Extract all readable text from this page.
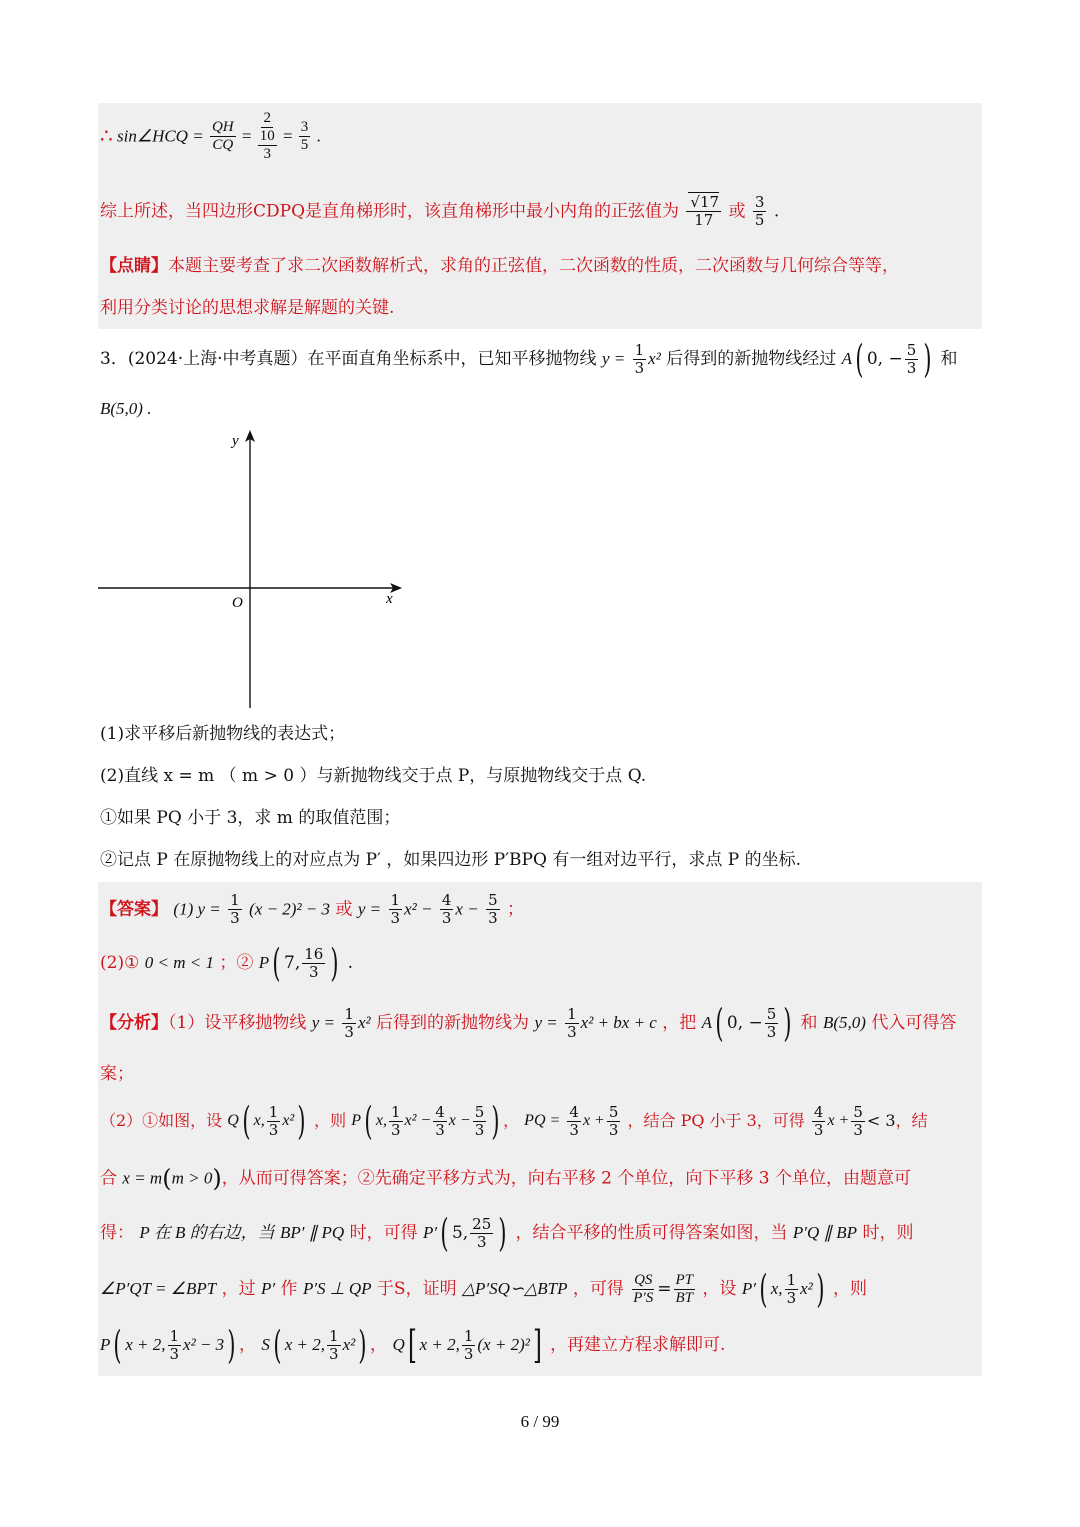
∴ sin∠HCQ = $\frac{QH}{CQ}$ =
2
10
3
= $\frac{3}{5}$ .
综上所述，当四边形CDPQ是直角梯形时，该直角梯形中最小内角的正弦值为 $\frac{√17}{17}$ 或 $\frac{3}{5}$ .
【点睛】本题主要考查了求二次函数解析式，求角的正弦值，二次函数的性质，二次函数与几何综合等等，
利用分类讨论的思想求解是解题的关键.
3．(2024·上海·中考真题）在平面直角坐标系中，已知平移抛物线 $y = \frac{1}{3} x^2$ 后得到的新抛物线经过 A( 0, − $\frac{5}{3}$ ) 和
B(5,0) .
y
x
O
(1)求平移后新抛物线的表达式；
(2)直线 x = m （ m > 0 ）与新抛物线交于点 P，与原抛物线交于点 Q.
①如果 PQ 小于 3，求 m 的取值范围；
②记点 P 在原抛物线上的对应点为 P′ ，如果四边形 P′BPQ 有一组对边平行，求点 P 的坐标.
【答案】 (1) $y = \frac{1}{3} (x - 2)^2 - 3$ 或 $y = \frac{1}{3} x^2 - \frac{4}{3}$ $x - \frac{5}{3}$ ；
(2)① 0 < m < 1 ；② P( 7, $\frac{16}{3}$ ) .
【分析】（1）设平移抛物线 $y = \frac{1}{3} x^2$ 后得到的新抛物线为 $y = \frac{1}{3} x^2$ + bx + c ，把 A( 0, − $\frac{5}{3}$ ) 和 B(5,0) 代入可得答
案；
（2）①如图，设 Q( x, $\frac{1}{3} x^2$) ，则 P( x, $\frac{1}{3} x^2 - \frac{4}{3}$ $x - \frac{5}{3}$ ) ， PQ = $\frac{4}{3}$ $x + \frac{5}{3}$ ，结合 PQ 小于 3，可得 $\frac{4}{3}$ $x + \frac{5}{3} < 3$，结
合 x = m(m > 0)，从而可得答案；②先确定平移方式为，向右平移 2 个单位，向下平移 3 个单位，由题意可
得： P 在 B 的右边，当 BP′ ∥ PQ 时，可得 P′( 5, $\frac{25}{3}$ ) ，结合平移的性质可得答案如图，当 P′Q ∥ BP 时，则
∠P′QT = ∠BPT ，过 P′ 作 P′S ⊥ QP 于S，证明 △P′SQ∽△BTP ，可得 $\frac{QS}{P'S} = \frac{PT}{BT}$ ，设 P′( x, $\frac{1}{3} x^2$) ，则
P( x + 2, $\frac{1}{3} x^2 - 3$) ， S( x + 2, $\frac{1}{3} x^2$) ， Q[ x + 2, $\frac{1}{3} (x + 2)^2$] ，再建立方程求解即可.
6 / 99
